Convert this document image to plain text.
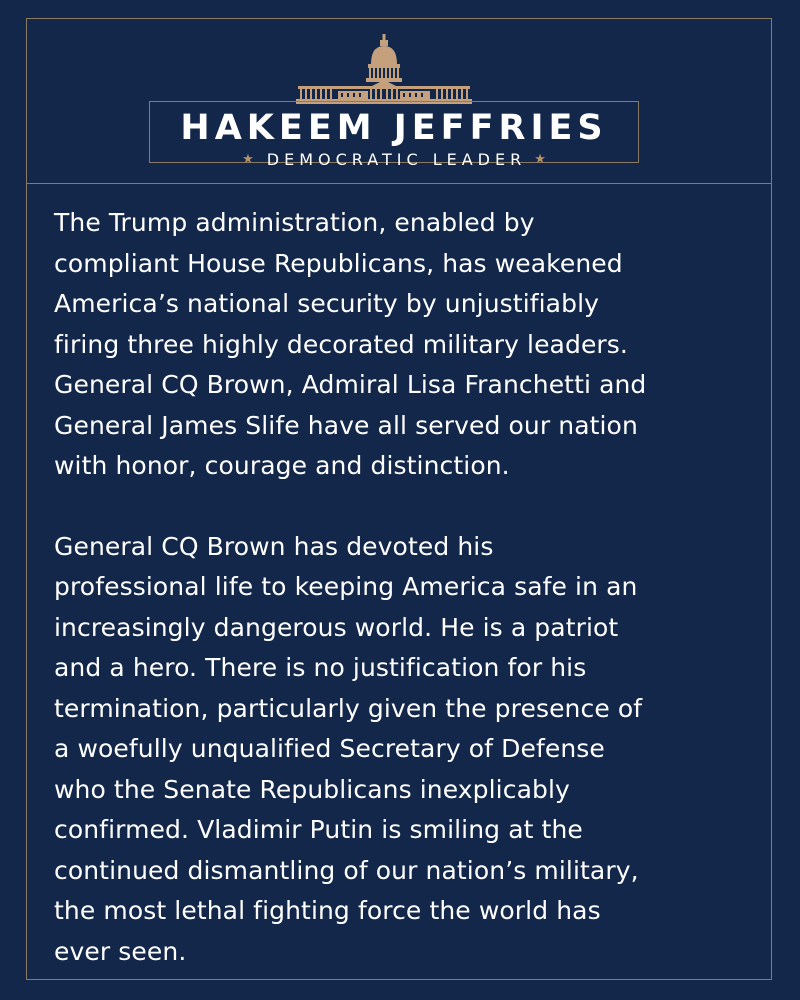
HAKEEM JEFFRIES
★ DEMOCRATIC LEADER ★

The Trump administration, enabled by
compliant House Republicans, has weakened
America’s national security by unjustifiably
firing three highly decorated military leaders.
General CQ Brown, Admiral Lisa Franchetti and
General James Slife have all served our nation
with honor, courage and distinction.

General CQ Brown has devoted his
professional life to keeping America safe in an
increasingly dangerous world. He is a patriot
and a hero. There is no justification for his
termination, particularly given the presence of
a woefully unqualified Secretary of Defense
who the Senate Republicans inexplicably
confirmed. Vladimir Putin is smiling at the
continued dismantling of our nation’s military,
the most lethal fighting force the world has
ever seen.
